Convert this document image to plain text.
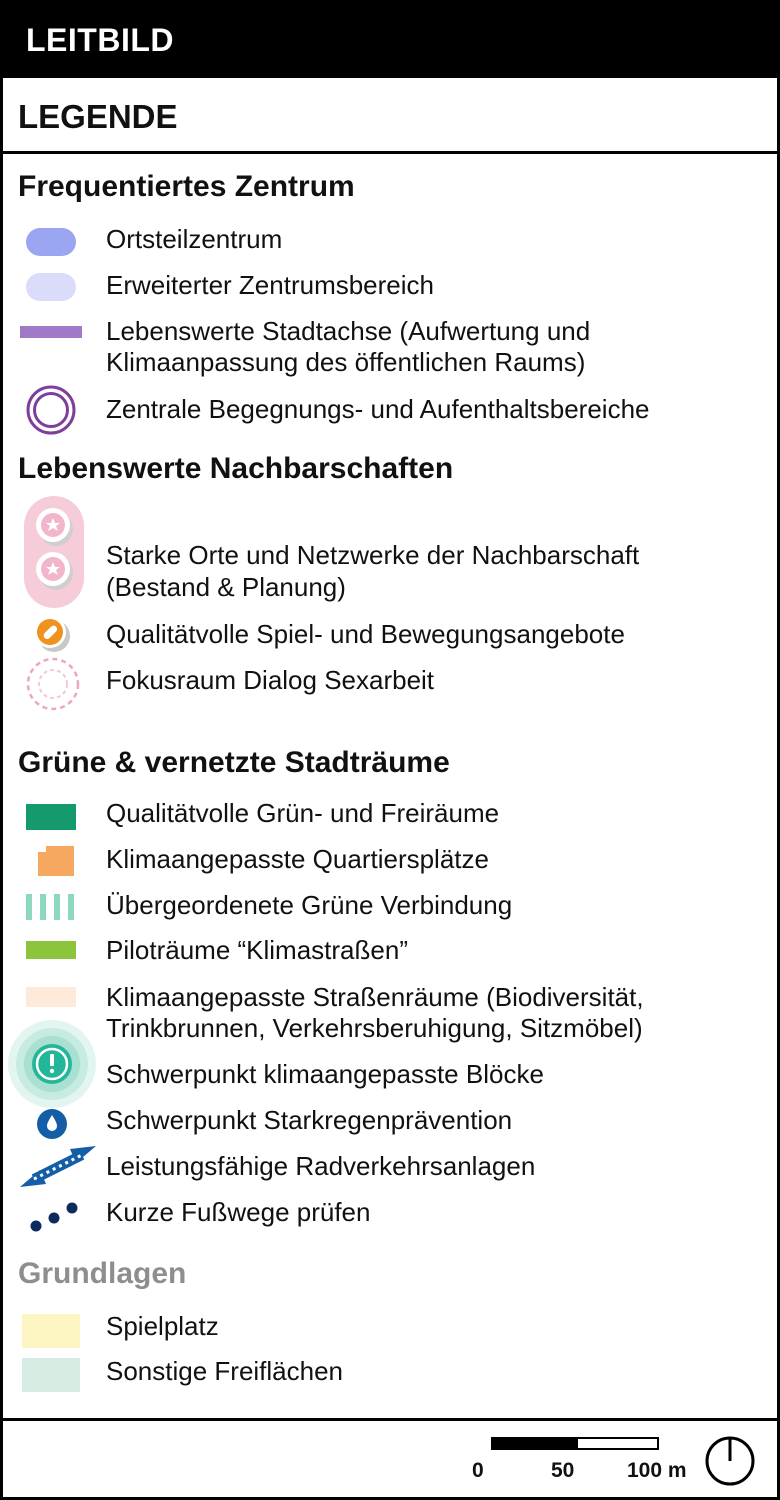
LEITBILD
LEGENDE
Frequentiertes Zentrum
Ortsteilzentrum
Erweiterter Zentrumsbereich
Lebenswerte Stadtachse (Aufwertung und
Klimaanpassung des öffentlichen Raums)
Zentrale Begegnungs- und Aufenthaltsbereiche
Lebenswerte Nachbarschaften
Starke Orte und Netzwerke der Nachbarschaft
(Bestand & Planung)
Qualitätvolle Spiel- und Bewegungsangebote
Fokusraum Dialog Sexarbeit
Grüne & vernetzte Stadträume
Qualitätvolle Grün- und Freiräume
Klimaangepasste Quartiersplätze
Übergeordenete Grüne Verbindung
Piloträume “Klimastraßen”
Klimaangepasste Straßenräume (Biodiversität,
Trinkbrunnen, Verkehrsberuhigung, Sitzmöbel)
Schwerpunkt klimaangepasste Blöcke
Schwerpunkt Starkregenprävention
Leistungsfähige Radverkehrsanlagen
Kurze Fußwege prüfen
Grundlagen
Spielplatz
Sonstige Freiflächen
0	50	100 m
